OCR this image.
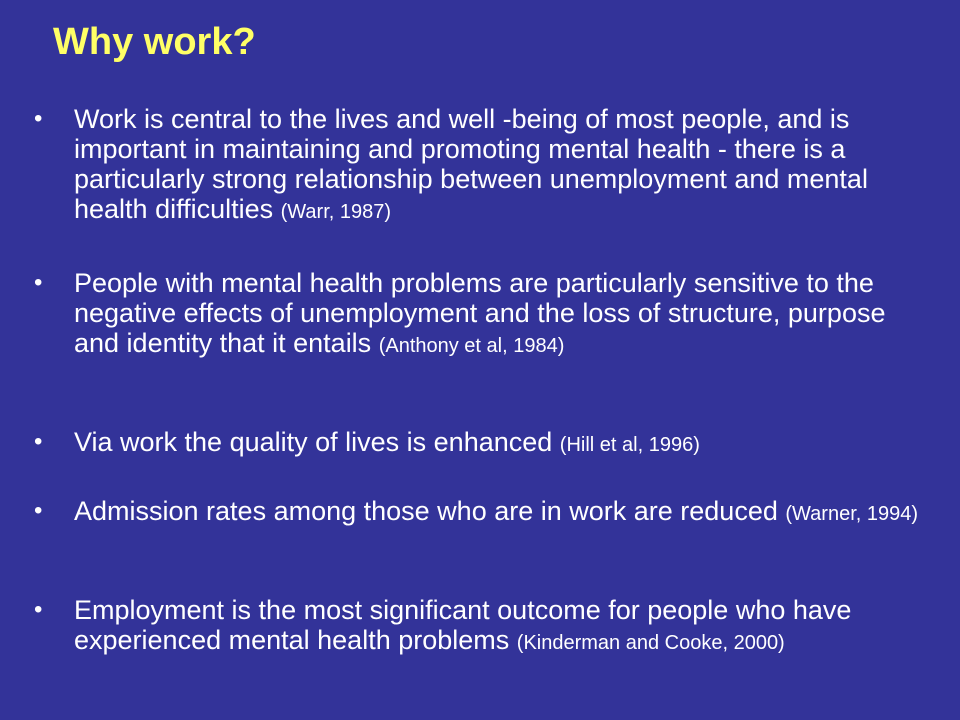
Why work?
• Work is central to the lives and well -being of most people, and is important in maintaining and promoting mental health - there is a particularly strong relationship between unemployment and mental health difficulties (Warr, 1987)
• People with mental health problems are particularly sensitive to the negative effects of unemployment and the loss of structure, purpose and identity that it entails (Anthony et al, 1984)
• Via work the quality of lives is enhanced (Hill et al, 1996)
• Admission rates among those who are in work are reduced (Warner, 1994)
• Employment is the most significant outcome for people who have experienced mental health problems (Kinderman and Cooke, 2000)
